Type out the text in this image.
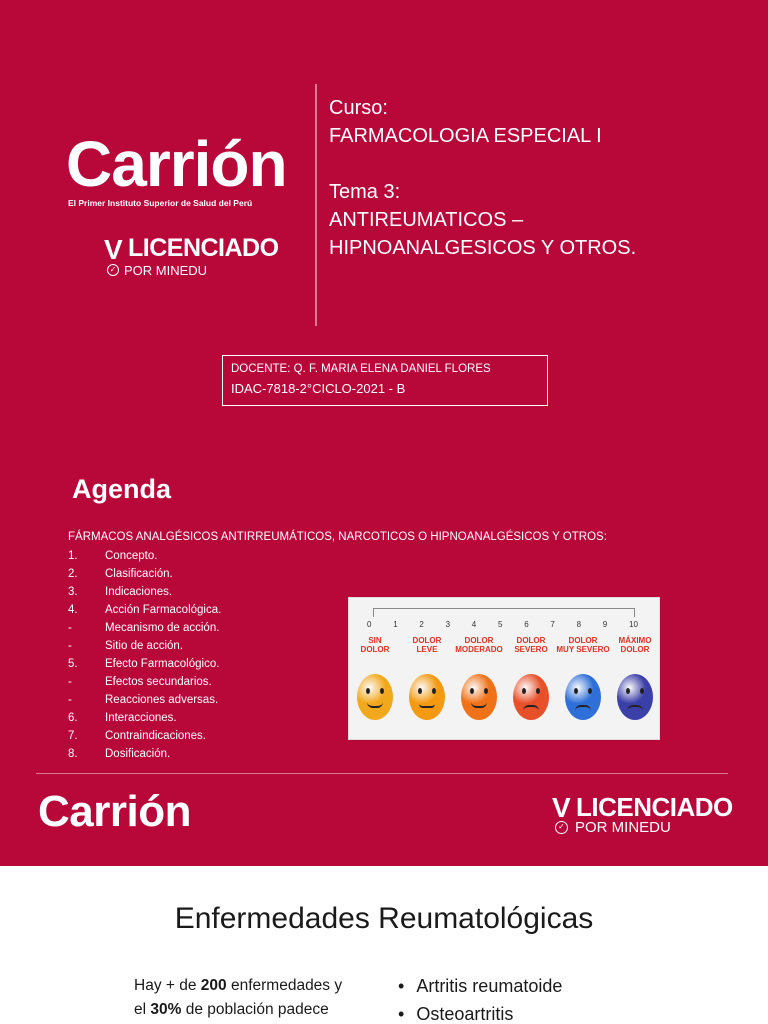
Carrión
El Primer Instituto Superior de Salud del Perú
V LICENCIADO
✓ POR MINEDU
Curso:
FARMACOLOGIA ESPECIAL I
Tema 3:
ANTIREUMATICOS –
HIPNOANALGESICOS Y OTROS.
DOCENTE: Q. F. MARIA ELENA DANIEL FLORES
IDAC-7818-2°CICLO-2021 - B
Agenda
FÁRMACOS ANALGÉSICOS ANTIRREUMÁTICOS, NARCOTICOS O HIPNOANALGÉSICOS Y OTROS:
1. Concepto.
2. Clasificación.
3. Indicaciones.
4. Acción Farmacológica.
-	Mecanismo de acción.
-	Sitio de acción.
5. Efecto Farmacológico.
-	Efectos secundarios.
-	Reacciones adversas.
6. Interacciones.
7. Contraindicaciones.
8. Dosificación.
0	1	2	3	4	5	6	7	8	9	10
SIN
DOLOR
DOLOR
LEVE
DOLOR
MODERADO
DOLOR
SEVERO
DOLOR
MUY SEVERO
MÁXIMO
DOLOR
Carrión	V LICENCIADO
✓ POR MINEDU
Enfermedades Reumatológicas
Hay + de 200 enfermedades y
el 30% de población padece
• Artritis reumatoide
• Osteoartritis
